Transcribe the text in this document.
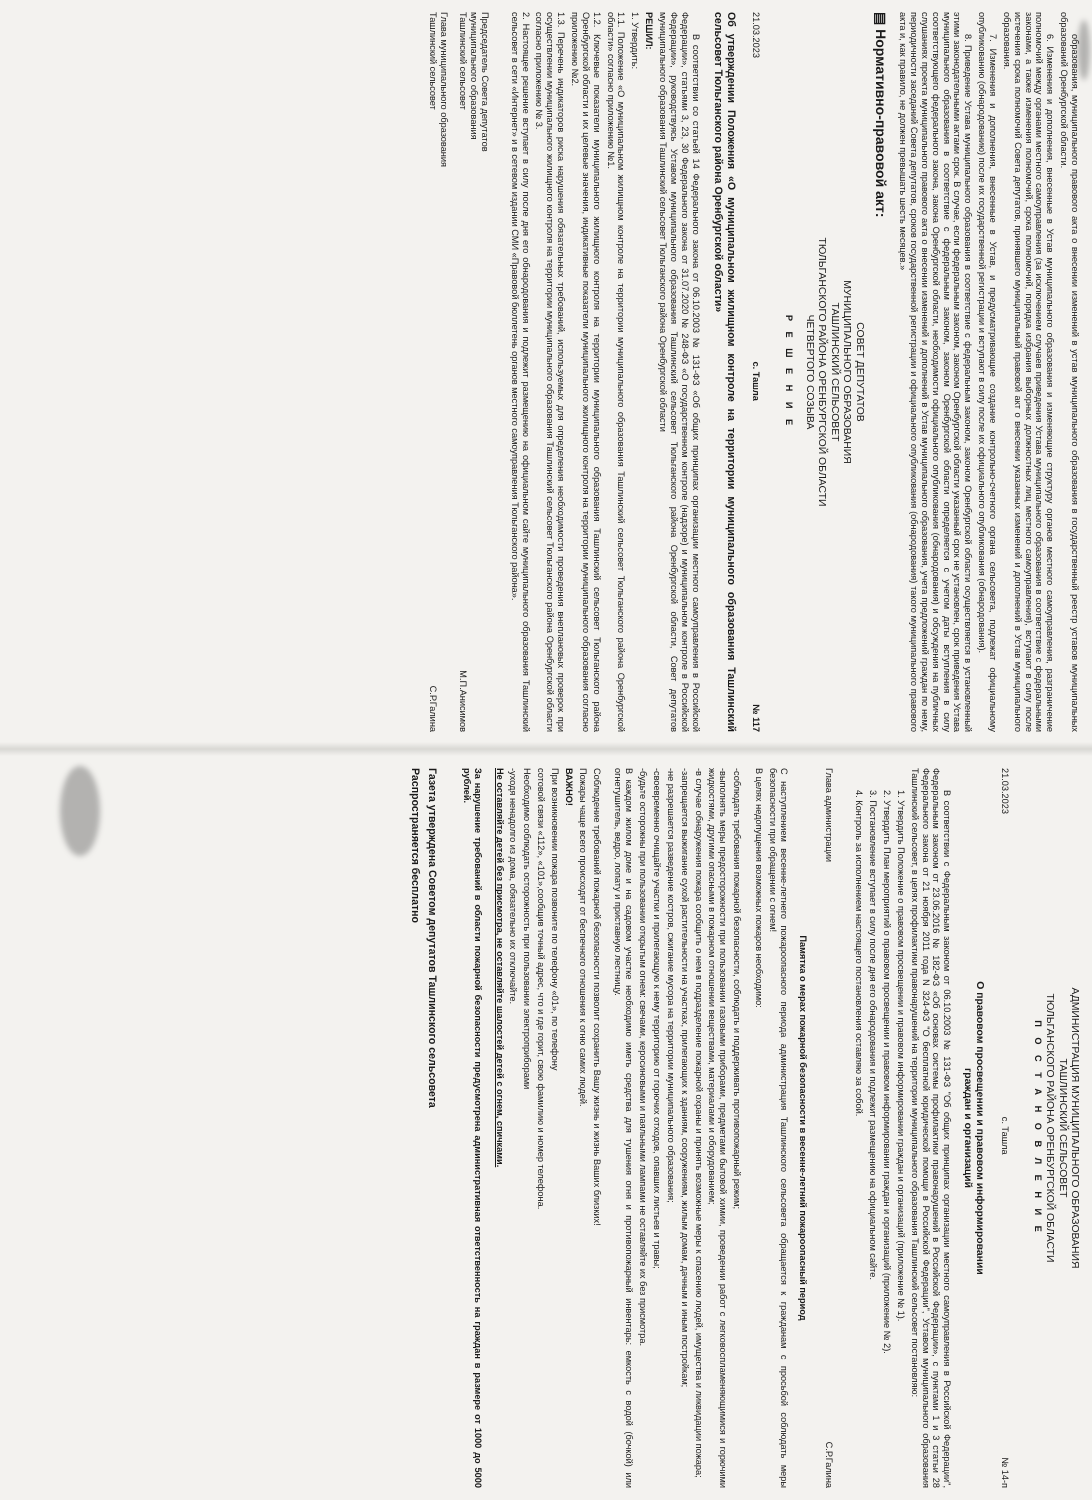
образования, муниципального правового акта о внесении изменений в устав муниципального образования в государственный реестр уставов муниципальных образований Оренбургской области.

6. Изменения и дополнения, внесенные в Устав муниципального образования и изменяющие структуру органов местного самоуправления, разграничение полномочий между органами местного самоуправления (за исключением случаев приведения Устава муниципального образования в соответствие с федеральными законами, а также изменения полномочий, срока полномочий, порядка избрания выборных должностных лиц местного самоуправления), вступают в силу после истечения срока полномочий Совета депутатов, принявшего муниципальный правовой акт о внесении указанных изменений и дополнений в Устав муниципального образования.

7. Изменения и дополнения, внесенные в Устав, и предусматривающие создание контрольно-счетного органа сельсовета, подлежат официальному опубликованию (обнародованию) после их государственной регистрации и вступают в силу после их официального опубликования (обнародования).

8. Приведение Устава муниципального образования в соответствие с федеральным законом, законом Оренбургской области осуществляется в установленный этими законодательными актами срок. В случае, если федеральным законом, законом Оренбургской области указанный срок не установлен, срок приведения Устава муниципального образования в соответствие с федеральным законом, законом Оренбургской области определяется с учетом даты вступления в силу соответствующего федерального закона, закона Оренбургской области, необходимости официального опубликования (обнародования) и обсуждения на публичных слушаниях проекта муниципального правового акта о внесении изменений и дополнений в Устав муниципального образования, учета предложений граждан по нему, периодичности заседаний Совета депутатов, сроков государственной регистрации и официального опубликования (обнародования) такого муниципального правового акта и, как правило, не должен превышать шесть месяцев.»

▤ Нормативно-правовой акт:
СОВЕТ ДЕПУТАТОВ
МУНИЦИПАЛЬНОГО ОБРАЗОВАНИЯ
ТАШЛИНСКИЙ СЕЛЬСОВЕТ
ТЮЛЬГАНСКОГО РАЙОНА ОРЕНБУРГСКОЙ ОБЛАСТИ
ЧЕТВЕРТОГО СОЗЫВА
Р Е Ш Е Н И Е
21.03.2023
с. Ташла
№ 117

Об утверждении Положения «О муниципальном жилищном контроле на территории муниципального образования Ташлинский сельсовет Тюльганского района Оренбургской области»

В соответствии со статьей 14 Федерального закона от 06.10.2003 № 131-ФЗ «Об общих принципах организации местного самоуправления в Российской Федерации», статьями 3, 23, 30 Федерального закона от 31.07.2020 № 248-ФЗ «О государственном контроле (надзоре) и муниципальном контроле в Российской Федерации», руководствуясь Уставом муниципального образования Ташлинский сельсовет Тюльганского района Оренбургской области, Совет депутатов муниципального образования Ташлинский сельсовет Тюльганского района Оренбургской области

РЕШИЛ:

1. Утвердить:

1.1. Положение «О муниципальном жилищном контроле на территории муниципального образования Ташлинский сельсовет Тюльганского района Оренбургской области» согласно приложению №1.

1.2. Ключевые показатели муниципального жилищного контроля на территории муниципального образования Ташлинский сельсовет Тюльганского района Оренбургской области и их целевые значения, индикативные показатели муниципального жилищного контроля на территории муниципального образования согласно приложению №2.

1.3. Перечень индикаторов риска нарушения обязательных требований, используемых для определения необходимости проведения внеплановых проверок при осуществлении муниципального жилищного контроля на территории муниципального образования Ташлинский сельсовет Тюльганского района Оренбургской области согласно приложению № 3.

2. Настоящее решение вступает в силу после дня его обнародования и подлежит размещению на официальном сайте муниципального образования Ташлинский сельсовет в сети «Интернет» и в сетевом издании СМИ «Правовой бюллетень органов местного самоуправления Тюльганского района».

Председатель Совета депутатов
муниципального образования
Ташлинский сельсовет
М.П.Анисимов
Глава муниципального образования
Ташлинский сельсовет
С.Р.Галина
АДМИНИСТРАЦИЯ МУНИЦИПАЛЬНОГО ОБРАЗОВАНИЯ
ТАШЛИНСКИЙ СЕЛЬСОВЕТ
ТЮЛЬГАНСКОГО РАЙОНА ОРЕНБУРГСКОЙ ОБЛАСТИ
П О С Т А Н О В Л Е Н И Е
21.03.2023
с. Ташла
№ 14-п
О правовом просвещении и правовом информировании
граждан и организаций

В соответствии с Федеральным законом от 06.10.2003 № 131-ФЗ "Об общих принципах организации местного самоуправления в Российской Федерации", Федеральным законом от 23.06.2016 № 182-ФЗ «Об основах системы профилактики правонарушений в Российской Федерации», с пунктами 1 и 3 статьи 28 Федерального закона от 21 ноября 2011 года N 324-ФЗ "О бесплатной юридической помощи в Российской Федерации", Уставом муниципального образования Ташлинский сельсовет, в целях профилактики правонарушений на территории муниципального образования Ташлинский сельсовет постановляю:

1. Утвердить Положение о правовом просвещении и правовом информировании граждан и организаций (приложение № 1).

2. Утвердить План мероприятий о правовом просвещении и правовом информировании граждан и организаций (приложение № 2).

3. Постановление вступает в силу после дня его обнародования и подлежит размещению на официальном сайте.

4. Контроль за исполнением настоящего постановления оставляю за собой.

Глава администрации
С.Р.Галина
Памятка о мерах пожарной безопасности в весенне-летний пожароопасный период

С наступлением весенне-летнего пожароопасного периода администрация Ташлинского сельсовета обращается к гражданам с просьбой соблюдать меры безопасности при обращении с огнем!

В целях недопущения возможных пожаров необходимо:

-соблюдать требования пожарной безопасности, соблюдать и поддерживать противопожарный режим;

-выполнять меры предосторожности при пользовании газовыми приборами, предметами бытовой химии, проведении работ с легковоспламеняющимися и горючими жидкостями, другими опасными в пожарном отношении веществами, материалами и оборудованием;

-в случае обнаружения пожара сообщить о нем в подразделение пожарной охраны и принять возможные меры к спасению людей, имущества и ликвидации пожара;

-запрещается выжигание сухой растительности на участках, прилегающих к зданиям, сооружениям, жилым домам, дачным и иным постройкам;

-не разрешается разведение костров, сжигание мусора на территории муниципального образования;

-своевременно очищайте участки и прилегающую к нему территорию от горючих отходов, опавших листьев и травы;

-будьте осторожны при пользовании открытым огнем: свечами, керосиновыми и паяльными лампами не оставляйте их без присмотра.

В каждом жилом доме и на садовом участке необходимо иметь средства для тушения огня и противопожарный инвентарь: емкость с водой (бочкой) или огнетушитель, ведро, лопату и приставную лестницу.

Соблюдение требований пожарной безопасности позволит сохранить Вашу жизнь и жизнь Ваших близких!

Пожары чаще всего происходят от беспечного отношения к огню самих людей.

ВАЖНО!

При возникновении пожара позвоните по телефону «01», по телефону

сотовой связи «112», «101»,сообщив точный адрес, что и где горит, свою фамилию и номер телефона.

Необходимо соблюдать осторожность при пользовании электроприборами

-уходя ненадолго из дома, обязательно их отключайте.

Не оставляйте детей без присмотра, не оставляйте шалостей детей с огнем, спичками.

За нарушение требований в области пожарной безопасности предусмотрена административная ответственность на граждан в размере от 1000 до 5000 рублей.

Газета утверждена Советом депутатов Ташлинского сельсовета
Распространяется бесплатно
